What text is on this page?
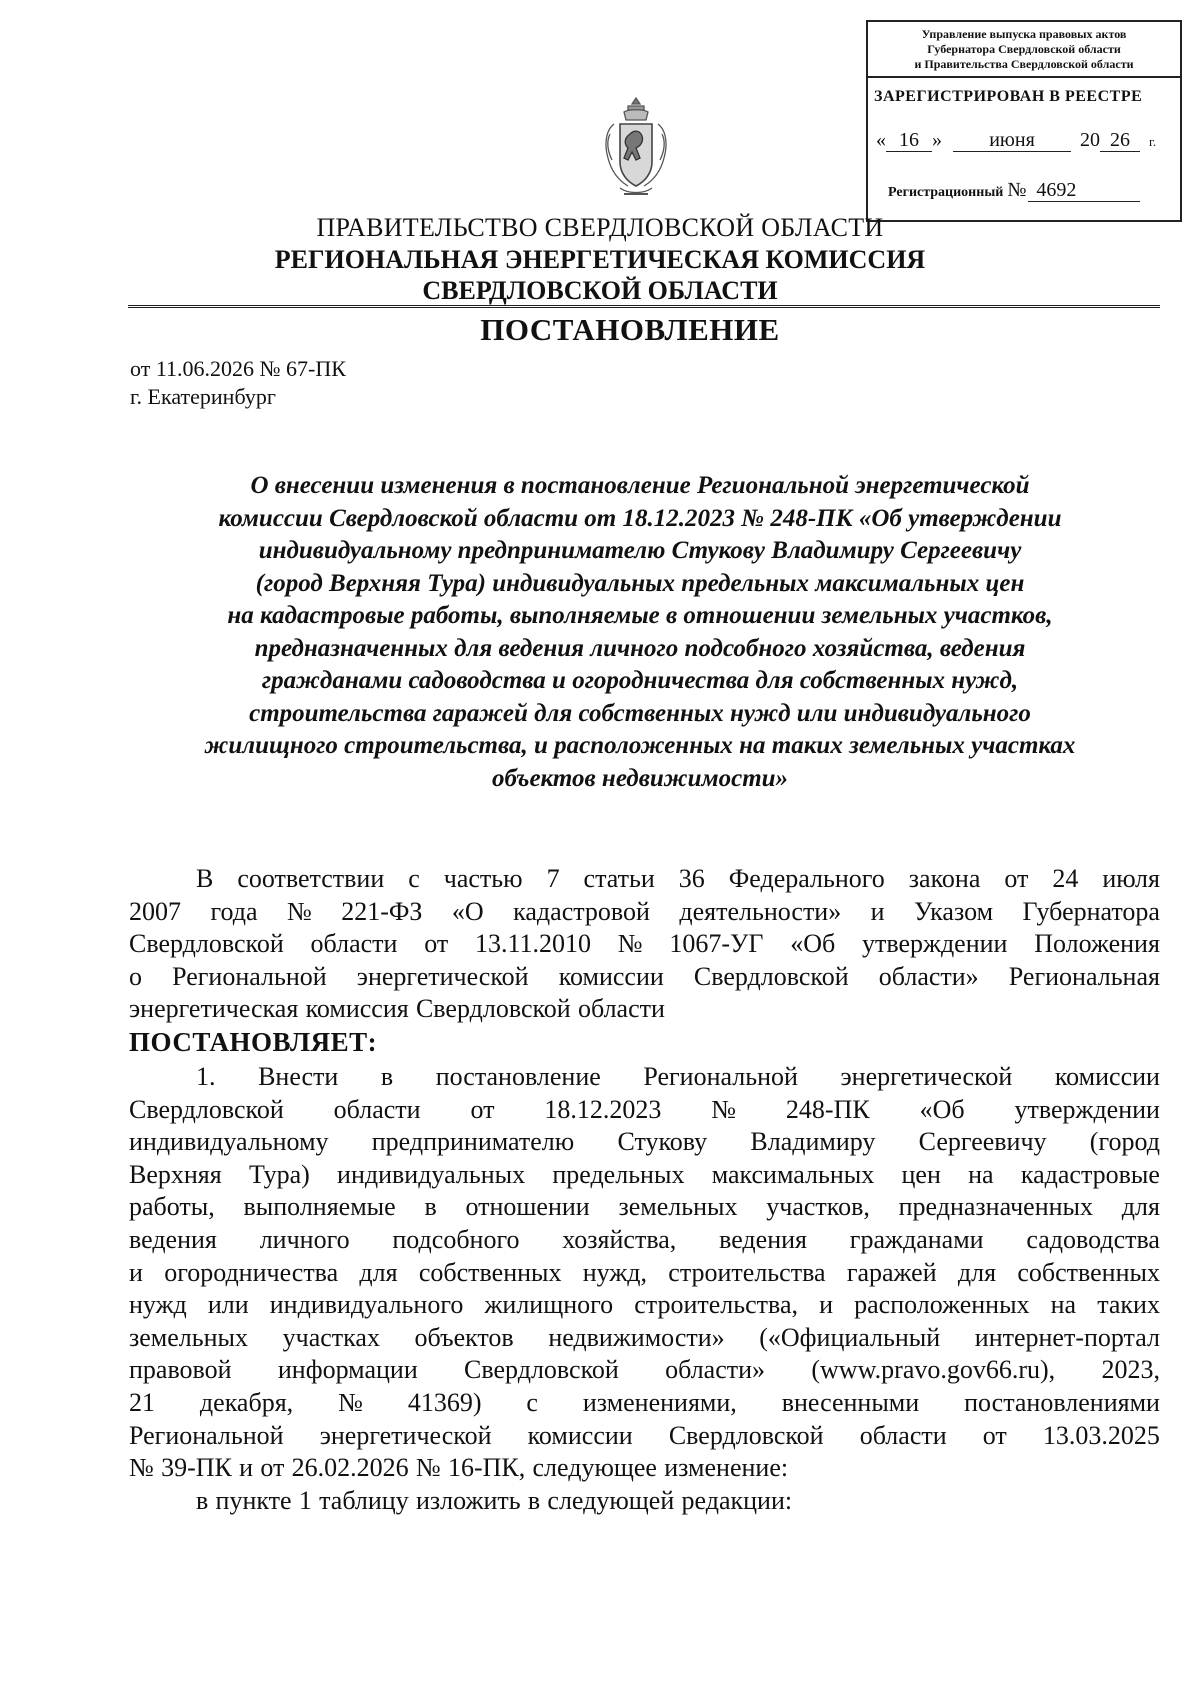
Управление выпуска правовых актов
Губернатора Свердловской области
и Правительства Свердловской области
ЗАРЕГИСТРИРОВАН В РЕЕСТРЕ
« 16 » июня 20 26 г.
Регистрационный № 4692
ПРАВИТЕЛЬСТВО СВЕРДЛОВСКОЙ ОБЛАСТИ
РЕГИОНАЛЬНАЯ ЭНЕРГЕТИЧЕСКАЯ КОМИССИЯ
СВЕРДЛОВСКОЙ ОБЛАСТИ
ПОСТАНОВЛЕНИЕ
от 11.06.2026 № 67-ПК
г. Екатеринбург
О внесении изменения в постановление Региональной энергетической
комиссии Свердловской области от 18.12.2023 № 248-ПК «Об утверждении
индивидуальному предпринимателю Стукову Владимиру Сергеевичу
(город Верхняя Тура) индивидуальных предельных максимальных цен
на кадастровые работы, выполняемые в отношении земельных участков,
предназначенных для ведения личного подсобного хозяйства, ведения
гражданами садоводства и огородничества для собственных нужд,
строительства гаражей для собственных нужд или индивидуального
жилищного строительства, и расположенных на таких земельных участках
объектов недвижимости»
В соответствии с частью 7 статьи 36 Федерального закона от 24 июля
2007 года № 221-ФЗ «О кадастровой деятельности» и Указом Губернатора
Свердловской области от 13.11.2010 № 1067-УГ «Об утверждении Положения
о Региональной энергетической комиссии Свердловской области» Региональная
энергетическая комиссия Свердловской области
ПОСТАНОВЛЯЕТ:
1. Внести в постановление Региональной энергетической комиссии
Свердловской области от 18.12.2023 № 248-ПК «Об утверждении
индивидуальному предпринимателю Стукову Владимиру Сергеевичу (город
Верхняя Тура) индивидуальных предельных максимальных цен на кадастровые
работы, выполняемые в отношении земельных участков, предназначенных для
ведения личного подсобного хозяйства, ведения гражданами садоводства
и огородничества для собственных нужд, строительства гаражей для собственных
нужд или индивидуального жилищного строительства, и расположенных на таких
земельных участках объектов недвижимости» («Официальный интернет-портал
правовой информации Свердловской области» (www.pravo.gov66.ru), 2023,
21 декабря, № 41369) с изменениями, внесенными постановлениями
Региональной энергетической комиссии Свердловской области от 13.03.2025
№ 39-ПК и от 26.02.2026 № 16-ПК, следующее изменение:
в пункте 1 таблицу изложить в следующей редакции:
